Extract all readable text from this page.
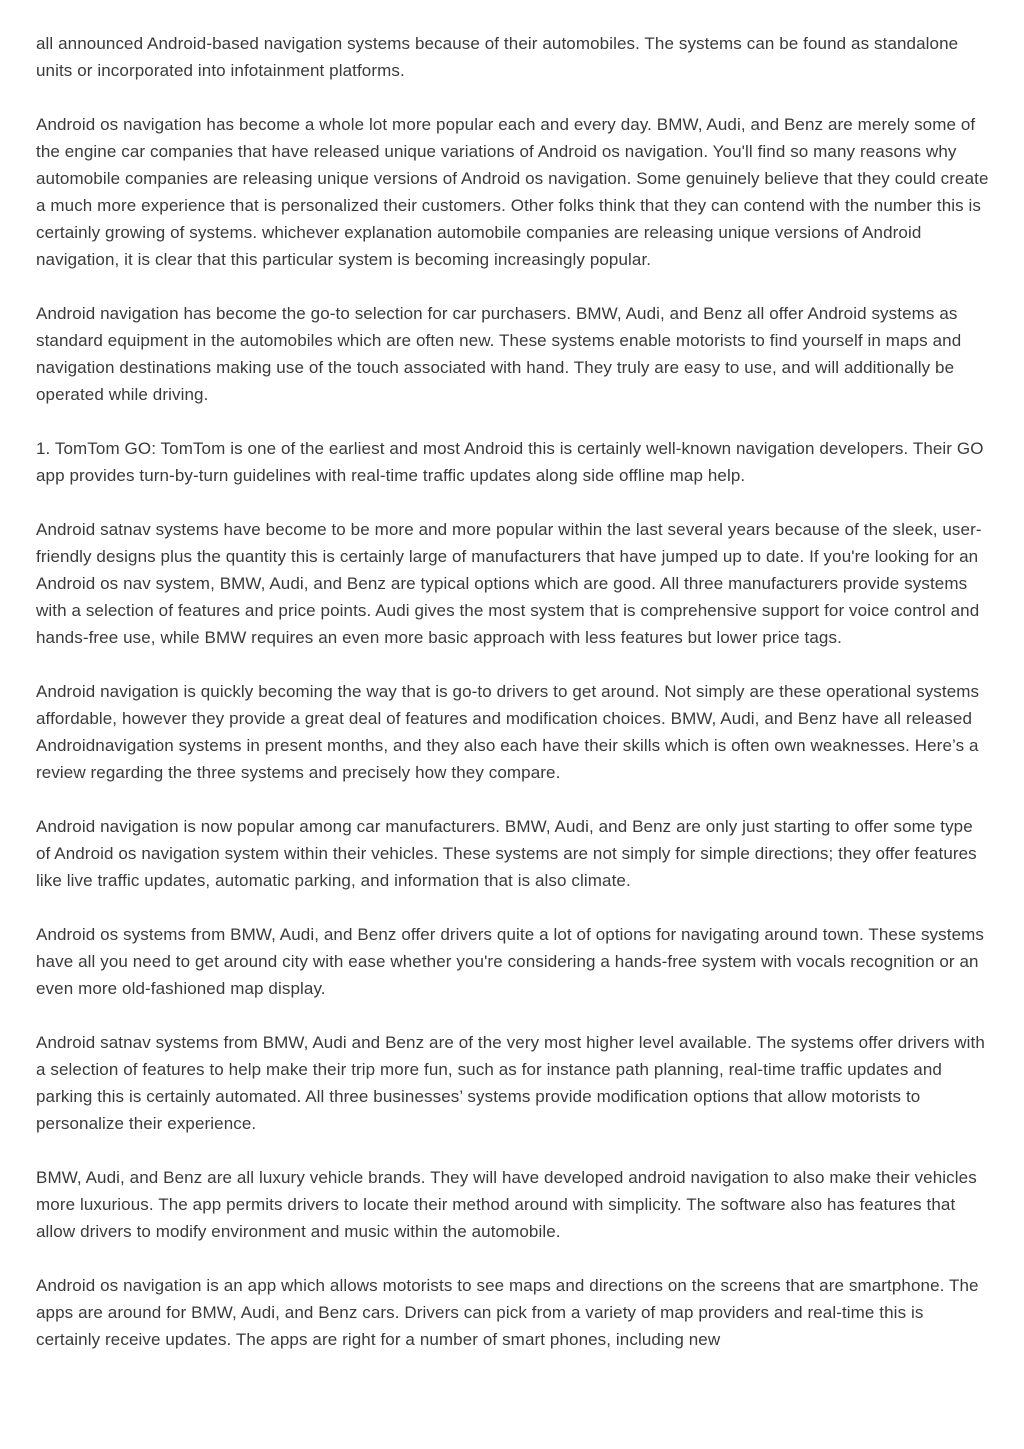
all announced Android-based navigation systems because of their automobiles. The systems can be found as standalone units or incorporated into infotainment platforms.

Android os navigation has become a whole lot more popular each and every day. BMW, Audi, and Benz are merely some of the engine car companies that have released unique variations of Android os navigation. You'll find so many reasons why automobile companies are releasing unique versions of Android os navigation. Some genuinely believe that they could create a much more experience that is personalized their customers. Other folks think that they can contend with the number this is certainly growing of systems. whichever explanation automobile companies are releasing unique versions of Android navigation, it is clear that this particular system is becoming increasingly popular.

Android navigation has become the go-to selection for car purchasers. BMW, Audi, and Benz all offer Android systems as standard equipment in the automobiles which are often new. These systems enable motorists to find yourself in maps and navigation destinations making use of the touch associated with hand. They truly are easy to use, and will additionally be operated while driving.

1. TomTom GO: TomTom is one of the earliest and most Android this is certainly well-known navigation developers. Their GO app provides turn-by-turn guidelines with real-time traffic updates along side offline map help.

Android satnav systems have become to be more and more popular within the last several years because of the sleek, user-friendly designs plus the quantity this is certainly large of manufacturers that have jumped up to date. If you're looking for an Android os nav system, BMW, Audi, and Benz are typical options which are good. All three manufacturers provide systems with a selection of features and price points. Audi gives the most system that is comprehensive support for voice control and hands-free use, while BMW requires an even more basic approach with less features but lower price tags.

Android navigation is quickly becoming the way that is go-to drivers to get around. Not simply are these operational systems affordable, however they provide a great deal of features and modification choices. BMW, Audi, and Benz have all released Androidnavigation systems in present months, and they also each have their skills which is often own weaknesses. Here’s a review regarding the three systems and precisely how they compare.

Android navigation is now popular among car manufacturers. BMW, Audi, and Benz are only just starting to offer some type of Android os navigation system within their vehicles. These systems are not simply for simple directions; they offer features like live traffic updates, automatic parking, and information that is also climate.

Android os systems from BMW, Audi, and Benz offer drivers quite a lot of options for navigating around town. These systems have all you need to get around city with ease whether you're considering a hands-free system with vocals recognition or an even more old-fashioned map display.

Android satnav systems from BMW, Audi and Benz are of the very most higher level available. The systems offer drivers with a selection of features to help make their trip more fun, such as for instance path planning, real-time traffic updates and parking this is certainly automated. All three businesses’ systems provide modification options that allow motorists to personalize their experience.

BMW, Audi, and Benz are all luxury vehicle brands. They will have developed android navigation to also make their vehicles more luxurious. The app permits drivers to locate their method around with simplicity. The software also has features that allow drivers to modify environment and music within the automobile.

Android os navigation is an app which allows motorists to see maps and directions on the screens that are smartphone. The apps are around for BMW, Audi, and Benz cars. Drivers can pick from a variety of map providers and real-time this is certainly receive updates. The apps are right for a number of smart phones, including new
